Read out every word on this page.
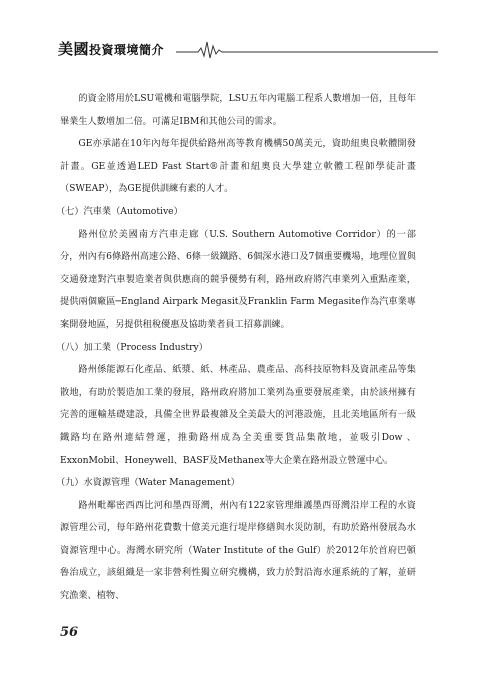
美國投資環境簡介

的資金將用於LSU電機和電腦學院，LSU五年內電腦工程系人數增加一倍，且每年畢業生人數增加二倍。可滿足IBM和其他公司的需求。

GE亦承諾在10年內每年提供給路州高等教育機構50萬美元，資助紐奧良軟體開發計畫。GE並透過LED Fast Start®計畫和紐奧良大學建立軟體工程師學徒計畫（SWEAP），為GE提供訓練有素的人才。

（七）汽車業（Automotive）

路州位於美國南方汽車走廊（U.S. Southern Automotive Corridor）的一部分，州內有6條路州高速公路、6條一級鐵路、6個深水港口及7個重要機場，地理位置與交通發達對汽車製造業者與供應商的競爭優勢有利，路州政府將汽車業列入重點產業，提供兩個廠區─England Airpark Megasit及Franklin Farm Megasite作為汽車業專案開發地區，另提供租稅優惠及協助業者員工招募訓練。

（八）加工業（Process Industry）

路州係能源石化產品、紙漿、紙、林產品、農產品、高科技原物料及資訊產品等集散地，有助於製造加工業的發展，路州政府將加工業列為重要發展產業，由於該州擁有完善的運輸基礎建設，具備全世界最複雜及全美最大的河港設施，且北美地區所有一級鐵路均在路州連結營運，推動路州成為全美重要貨品集散地，並吸引Dow 、ExxonMobil、Honeywell、BASF及Methanex等大企業在路州設立營運中心。

（九）水資源管理（Water Management）

路州毗鄰密西西比河和墨西哥灣，州內有122家管理維護墨西哥灣沿岸工程的水資源管理公司，每年路州花費數十億美元進行堤岸修繕與水災防制，有助於路州發展為水資源管理中心。海灣水研究所（Water Institute of the Gulf）於2012年於首府巴頓魯治成立，該組織是一家非營利性獨立研究機構，致力於對沿海水運系統的了解，並研究漁業、植物、

56
